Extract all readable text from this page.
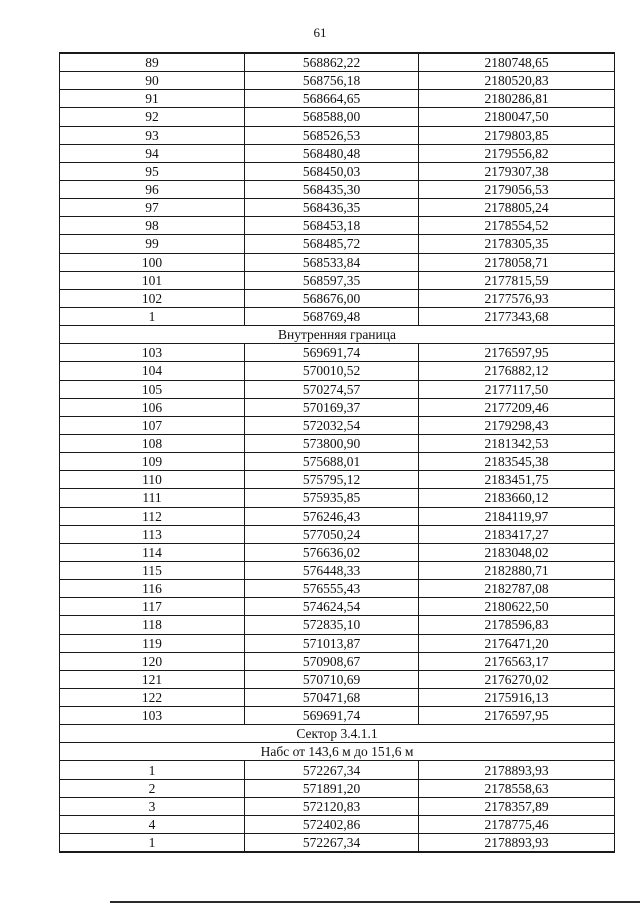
61
89	568862,22	2180748,65
90	568756,18	2180520,83
91	568664,65	2180286,81
92	568588,00	2180047,50
93	568526,53	2179803,85
94	568480,48	2179556,82
95	568450,03	2179307,38
96	568435,30	2179056,53
97	568436,35	2178805,24
98	568453,18	2178554,52
99	568485,72	2178305,35
100	568533,84	2178058,71
101	568597,35	2177815,59
102	568676,00	2177576,93
1	568769,48	2177343,68
Внутренняя граница		
103	569691,74	2176597,95
104	570010,52	2176882,12
105	570274,57	2177117,50
106	570169,37	2177209,46
107	572032,54	2179298,43
108	573800,90	2181342,53
109	575688,01	2183545,38
110	575795,12	2183451,75
111	575935,85	2183660,12
112	576246,43	2184119,97
113	577050,24	2183417,27
114	576636,02	2183048,02
115	576448,33	2182880,71
116	576555,43	2182787,08
117	574624,54	2180622,50
118	572835,10	2178596,83
119	571013,87	2176471,20
120	570908,67	2176563,17
121	570710,69	2176270,02
122	570471,68	2175916,13
103	569691,74	2176597,95
Сектор 3.4.1.1		
Набс от 143,6 м до 151,6 м		
1	572267,34	2178893,93
2	571891,20	2178558,63
3	572120,83	2178357,89
4	572402,86	2178775,46
1	572267,34	2178893,93
